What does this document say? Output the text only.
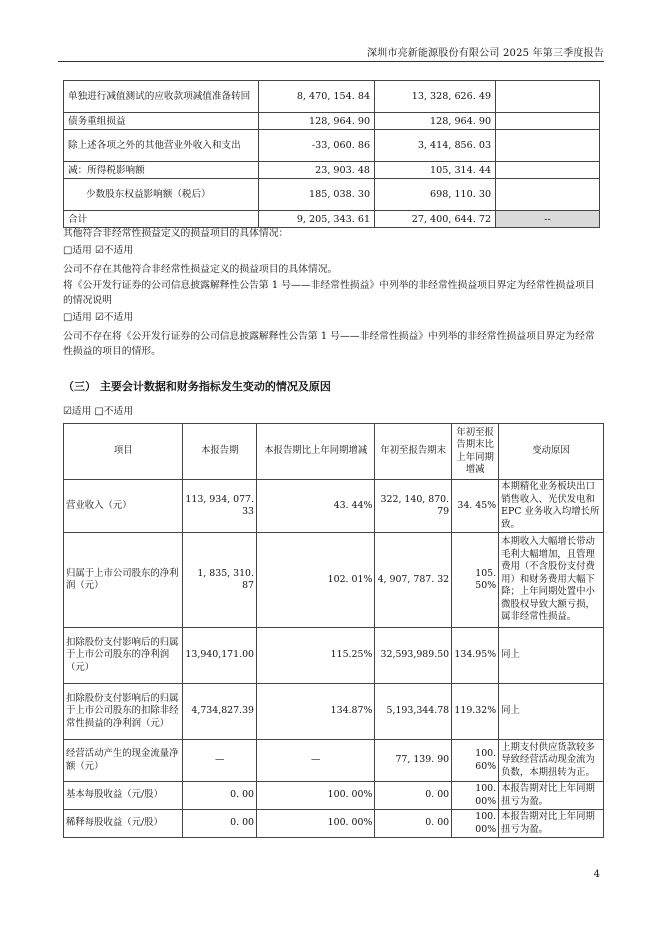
深圳市亮新能源股份有限公司 2025 年第三季度报告
单独进行减值测试的应收款项减值准备转回	8, 470, 154. 84	13, 328, 626. 49	
债务重组损益	128, 964. 90	128, 964. 90	
除上述各项之外的其他营业外收入和支出	-33, 060. 86	3, 414, 856. 03	
减：所得税影响额	23, 903. 48	105, 314. 44	
少数股东权益影响额（税后）	185, 038. 30	698, 110. 30	
合计	9, 205, 343. 61	27, 400, 644. 72	--
其他符合非经常性损益定义的损益项目的具体情况：
□适用 ☑不适用
公司不存在其他符合非经常性损益定义的损益项目的具体情况。
将《公开发行证券的公司信息披露解释性公告第 1 号——非经常性损益》中列举的非经常性损益项目界定为经常性损益项目的情况说明
□适用 ☑不适用
公司不存在将《公开发行证券的公司信息披露解释性公告第 1 号——非经常性损益》中列举的非经常性损益项目界定为经常性损益的项目的情形。
（三） 主要会计数据和财务指标发生变动的情况及原因
☑适用 □不适用
项目	本报告期	本报告期比上年同期增减	年初至报告期末	年初至报告期末比上年同期增减	变动原因
营业收入（元）	113, 934, 077. 33	43. 44%	322, 140, 870. 79	34. 45%	本期精化业务板块出口销售收入、光伏发电和 EPC 业务收入均增长所致。
归属于上市公司股东的净利润（元）	1, 835, 310. 87	102. 01%	4, 907, 787. 32	105. 50%	本期收入大幅增长带动毛利大幅增加，且管理费用（不含股份支付费用）和财务费用大幅下降；上年同期处置中小微股权导致大额亏损，属非经常性损益。
扣除股份支付影响后的归属于上市公司股东的净利润（元）	13,940,171.00	115.25%	32,593,989.50	134.95%	同上
扣除股份支付影响后的归属于上市公司股东的扣除非经常性损益的净利润（元）	4,734,827.39	134.87%	5,193,344.78	119.32%	同上
经营活动产生的现金流量净额（元）	—	—	77, 139. 90	100. 60%	上期支付供应货款较多导致经营活动现金流为负数，本期扭转为正。
基本每股收益（元/股）	0. 00	100. 00%	0. 00	100. 00%	本报告期对比上年同期扭亏为盈。
稀释每股收益（元/股）	0. 00	100. 00%	0. 00	100. 00%	本报告期对比上年同期扭亏为盈。
4
